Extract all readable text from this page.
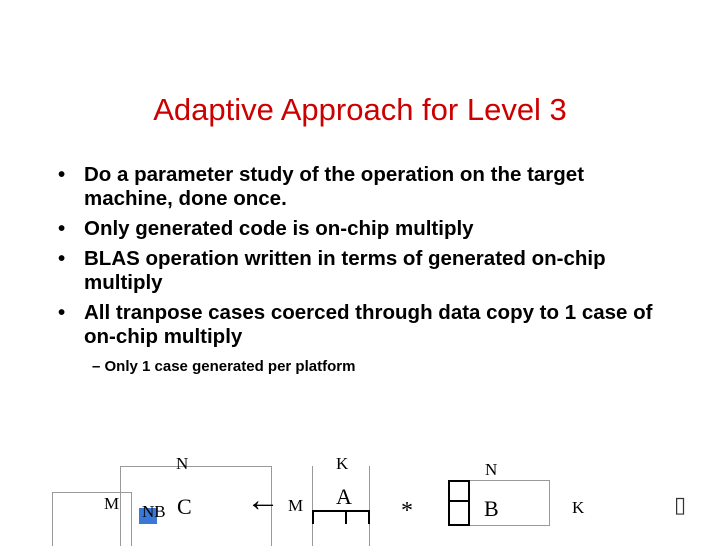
Adaptive Approach for Level 3
• Do a parameter study of the operation on the target machine, done once.
• Only generated code is on-chip multiply
• BLAS operation written in terms of generated on-chip multiply
• All tranpose cases coerced through data copy to 1 case of on-chip multiply
– Only 1 case generated per platform
N
M NB C ←
K
M A
*
N
B	K	▯
